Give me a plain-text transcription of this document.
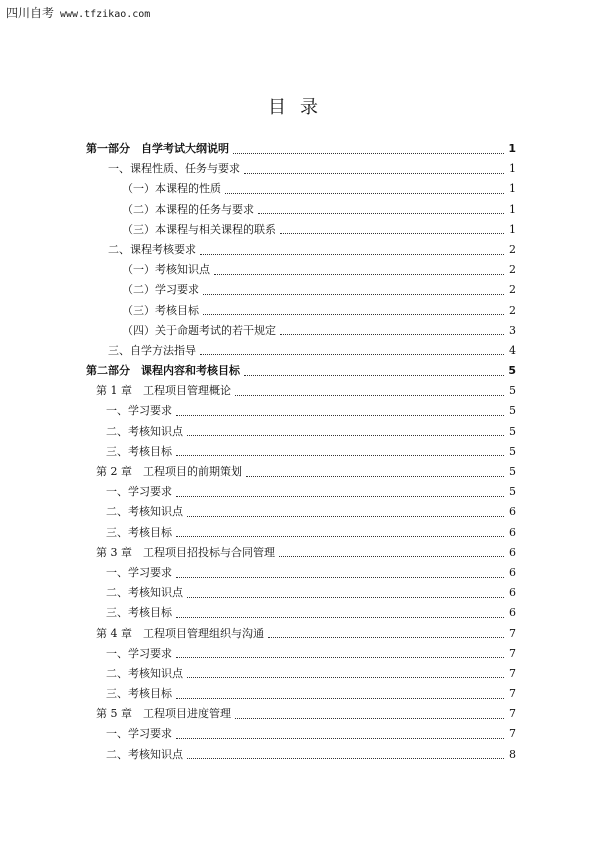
四川自考 www.tfzikao.com
目录
第一部分　自学考试大纲说明	1
一、课程性质、任务与要求	1
（一）本课程的性质	1
（二）本课程的任务与要求	1
（三）本课程与相关课程的联系	1
二、课程考核要求	2
（一）考核知识点	2
（二）学习要求	2
（三）考核目标	2
（四）关于命题考试的若干规定	3
三、自学方法指导	4
第二部分　课程内容和考核目标	5
第 1 章　工程项目管理概论	5
一、学习要求	5
二、考核知识点	5
三、考核目标	5
第 2 章　工程项目的前期策划	5
一、学习要求	5
二、考核知识点	6
三、考核目标	6
第 3 章　工程项目招投标与合同管理	6
一、学习要求	6
二、考核知识点	6
三、考核目标	6
第 4 章　工程项目管理组织与沟通	7
一、学习要求	7
二、考核知识点	7
三、考核目标	7
第 5 章　工程项目进度管理	7
一、学习要求	7
二、考核知识点	8
